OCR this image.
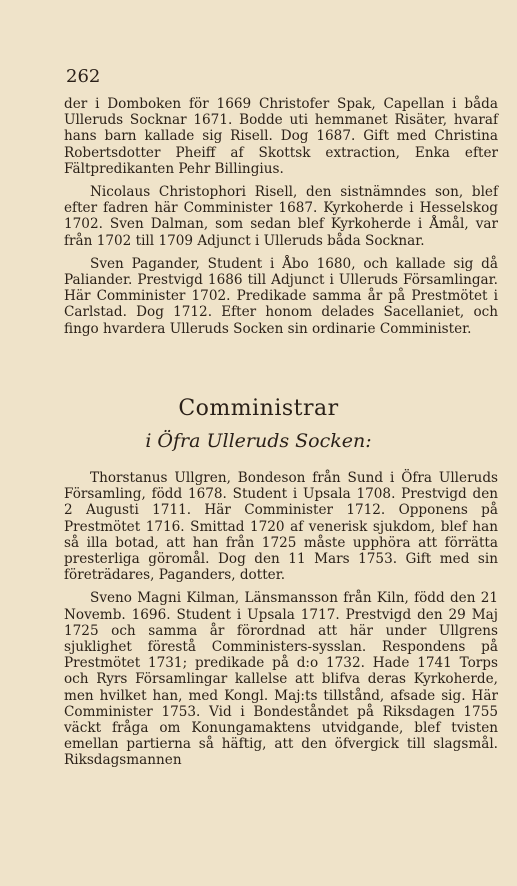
262

der i Domboken för 1669 Christofer Spak, Capellan i båda Ulleruds Socknar 1671. Bodde uti hemmanet Risäter, hvaraf hans barn kallade sig Risell. Dog 1687. Gift med Christina Robertsdotter Pheiff af Skottsk extraction, Enka efter Fältpredikanten Pehr Billingius.

Nicolaus Christophori Risell, den sistnämndes son, blef efter fadren här Comminister 1687. Kyrkoherde i Hesselskog 1702. Sven Dalman, som sedan blef Kyrkoherde i Åmål, var från 1702 till 1709 Adjunct i Ulleruds båda Socknar.

Sven Pagander, Student i Åbo 1680, och kallade sig då Paliander. Prestvigd 1686 till Adjunct i Ulleruds Församlingar. Här Comminister 1702. Predikade samma år på Prestmötet i Carlstad. Dog 1712. Efter honom delades Sacellaniet, och fingo hvardera Ulleruds Socken sin ordinarie Comminister.

Comministrar
i Öfra Ulleruds Socken:

Thorstanus Ullgren, Bondeson från Sund i Öfra Ulleruds Församling, född 1678. Student i Upsala 1708. Prestvigd den 2 Augusti 1711. Här Comminister 1712. Opponens på Prestmötet 1716. Smittad 1720 af venerisk sjukdom, blef han så illa botad, att han från 1725 måste upphöra att förrätta presterliga göromål. Dog den 11 Mars 1753. Gift med sin företrädares, Paganders, dotter.

Sveno Magni Kilman, Länsmansson från Kiln, född den 21 Novemb. 1696. Student i Upsala 1717. Prestvigd den 29 Maj 1725 och samma år förordnad att här under Ullgrens sjuklighet förestå Comministers-sysslan. Respondens på Prestmötet 1731; predikade på d:o 1732. Hade 1741 Torps och Ryrs Församlingar kallelse att blifva deras Kyrkoherde, men hvilket han, med Kongl. Maj:ts tillstånd, afsade sig. Här Comminister 1753. Vid i Bondeståndet på Riksdagen 1755 väckt fråga om Konungamaktens utvidgande, blef tvisten emellan partierna så häftig, att den öfvergick till slagsmål. Riksdagsmannen
